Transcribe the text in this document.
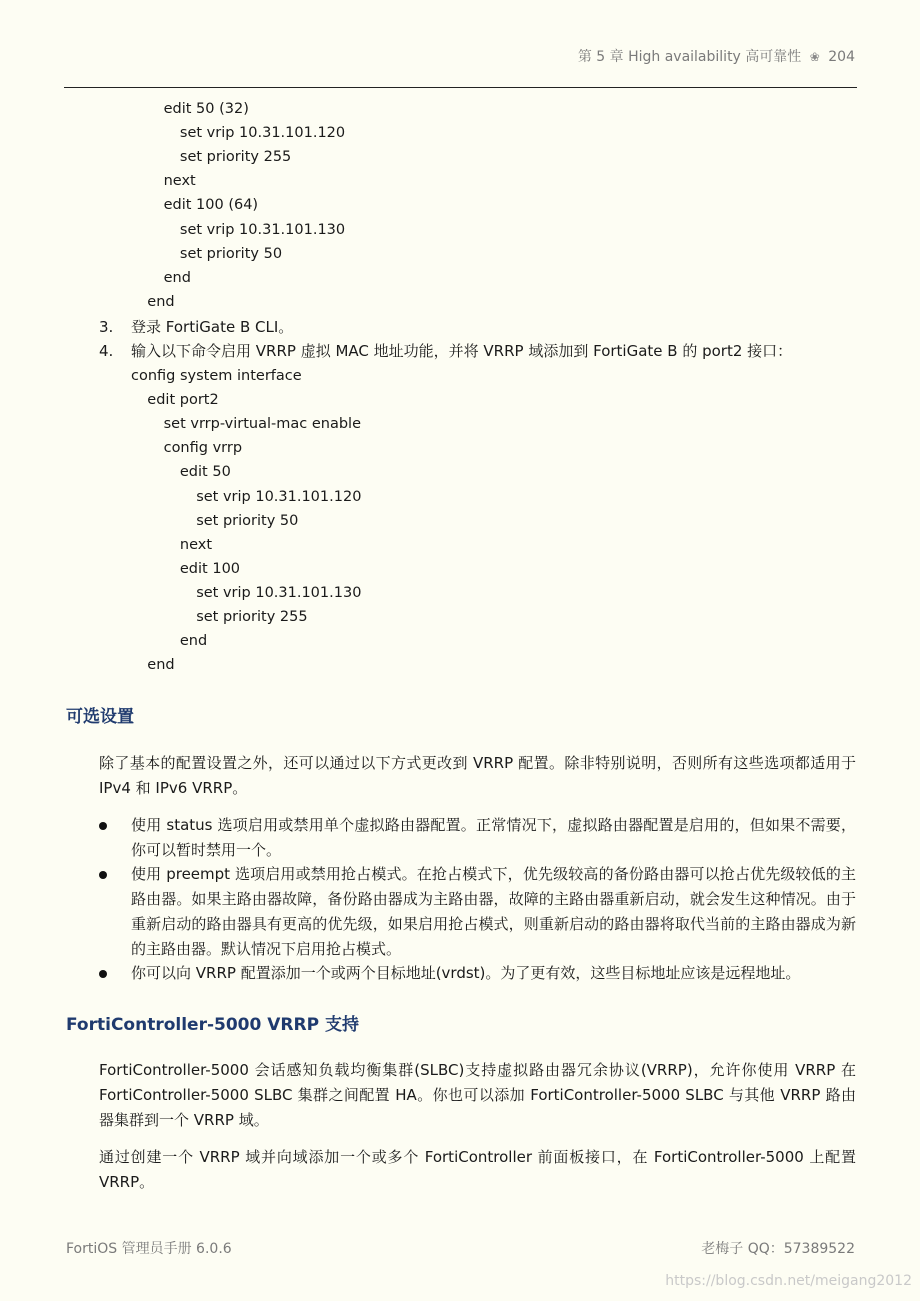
第 5 章 High availability 高可靠性 ❀ 204
edit 50 (32)
set vrip 10.31.101.120
set priority 255
next
edit 100 (64)
set vrip 10.31.101.130
set priority 50
end
end
3. 登录 FortiGate B CLI。
4. 输入以下命令启用 VRRP 虚拟 MAC 地址功能，并将 VRRP 域添加到 FortiGate B 的 port2 接口：
config system interface
edit port2
set vrrp-virtual-mac enable
config vrrp
edit 50
set vrip 10.31.101.120
set priority 50
next
edit 100
set vrip 10.31.101.130
set priority 255
end
end
可选设置
除了基本的配置设置之外，还可以通过以下方式更改到 VRRP 配置。除非特别说明，否则所有这些选项都适用于 IPv4 和 IPv6 VRRP。
使用 status 选项启用或禁用单个虚拟路由器配置。正常情况下，虚拟路由器配置是启用的，但如果不需要，你可以暂时禁用一个。
使用 preempt 选项启用或禁用抢占模式。在抢占模式下，优先级较高的备份路由器可以抢占优先级较低的主路由器。如果主路由器故障，备份路由器成为主路由器，故障的主路由器重新启动，就会发生这种情况。由于重新启动的路由器具有更高的优先级，如果启用抢占模式，则重新启动的路由器将取代当前的主路由器成为新的主路由器。默认情况下启用抢占模式。
你可以向 VRRP 配置添加一个或两个目标地址(vrdst)。为了更有效，这些目标地址应该是远程地址。
FortiController-5000 VRRP 支持
FortiController-5000 会话感知负载均衡集群(SLBC)支持虚拟路由器冗余协议(VRRP)，允许你使用 VRRP 在 FortiController-5000 SLBC 集群之间配置 HA。你也可以添加 FortiController-5000 SLBC 与其他 VRRP 路由器集群到一个 VRRP 域。
通过创建一个 VRRP 域并向域添加一个或多个 FortiController 前面板接口，在 FortiController-5000 上配置 VRRP。
FortiOS 管理员手册 6.0.6	老梅子 QQ：57389522
https://blog.csdn.net/meigang2012
